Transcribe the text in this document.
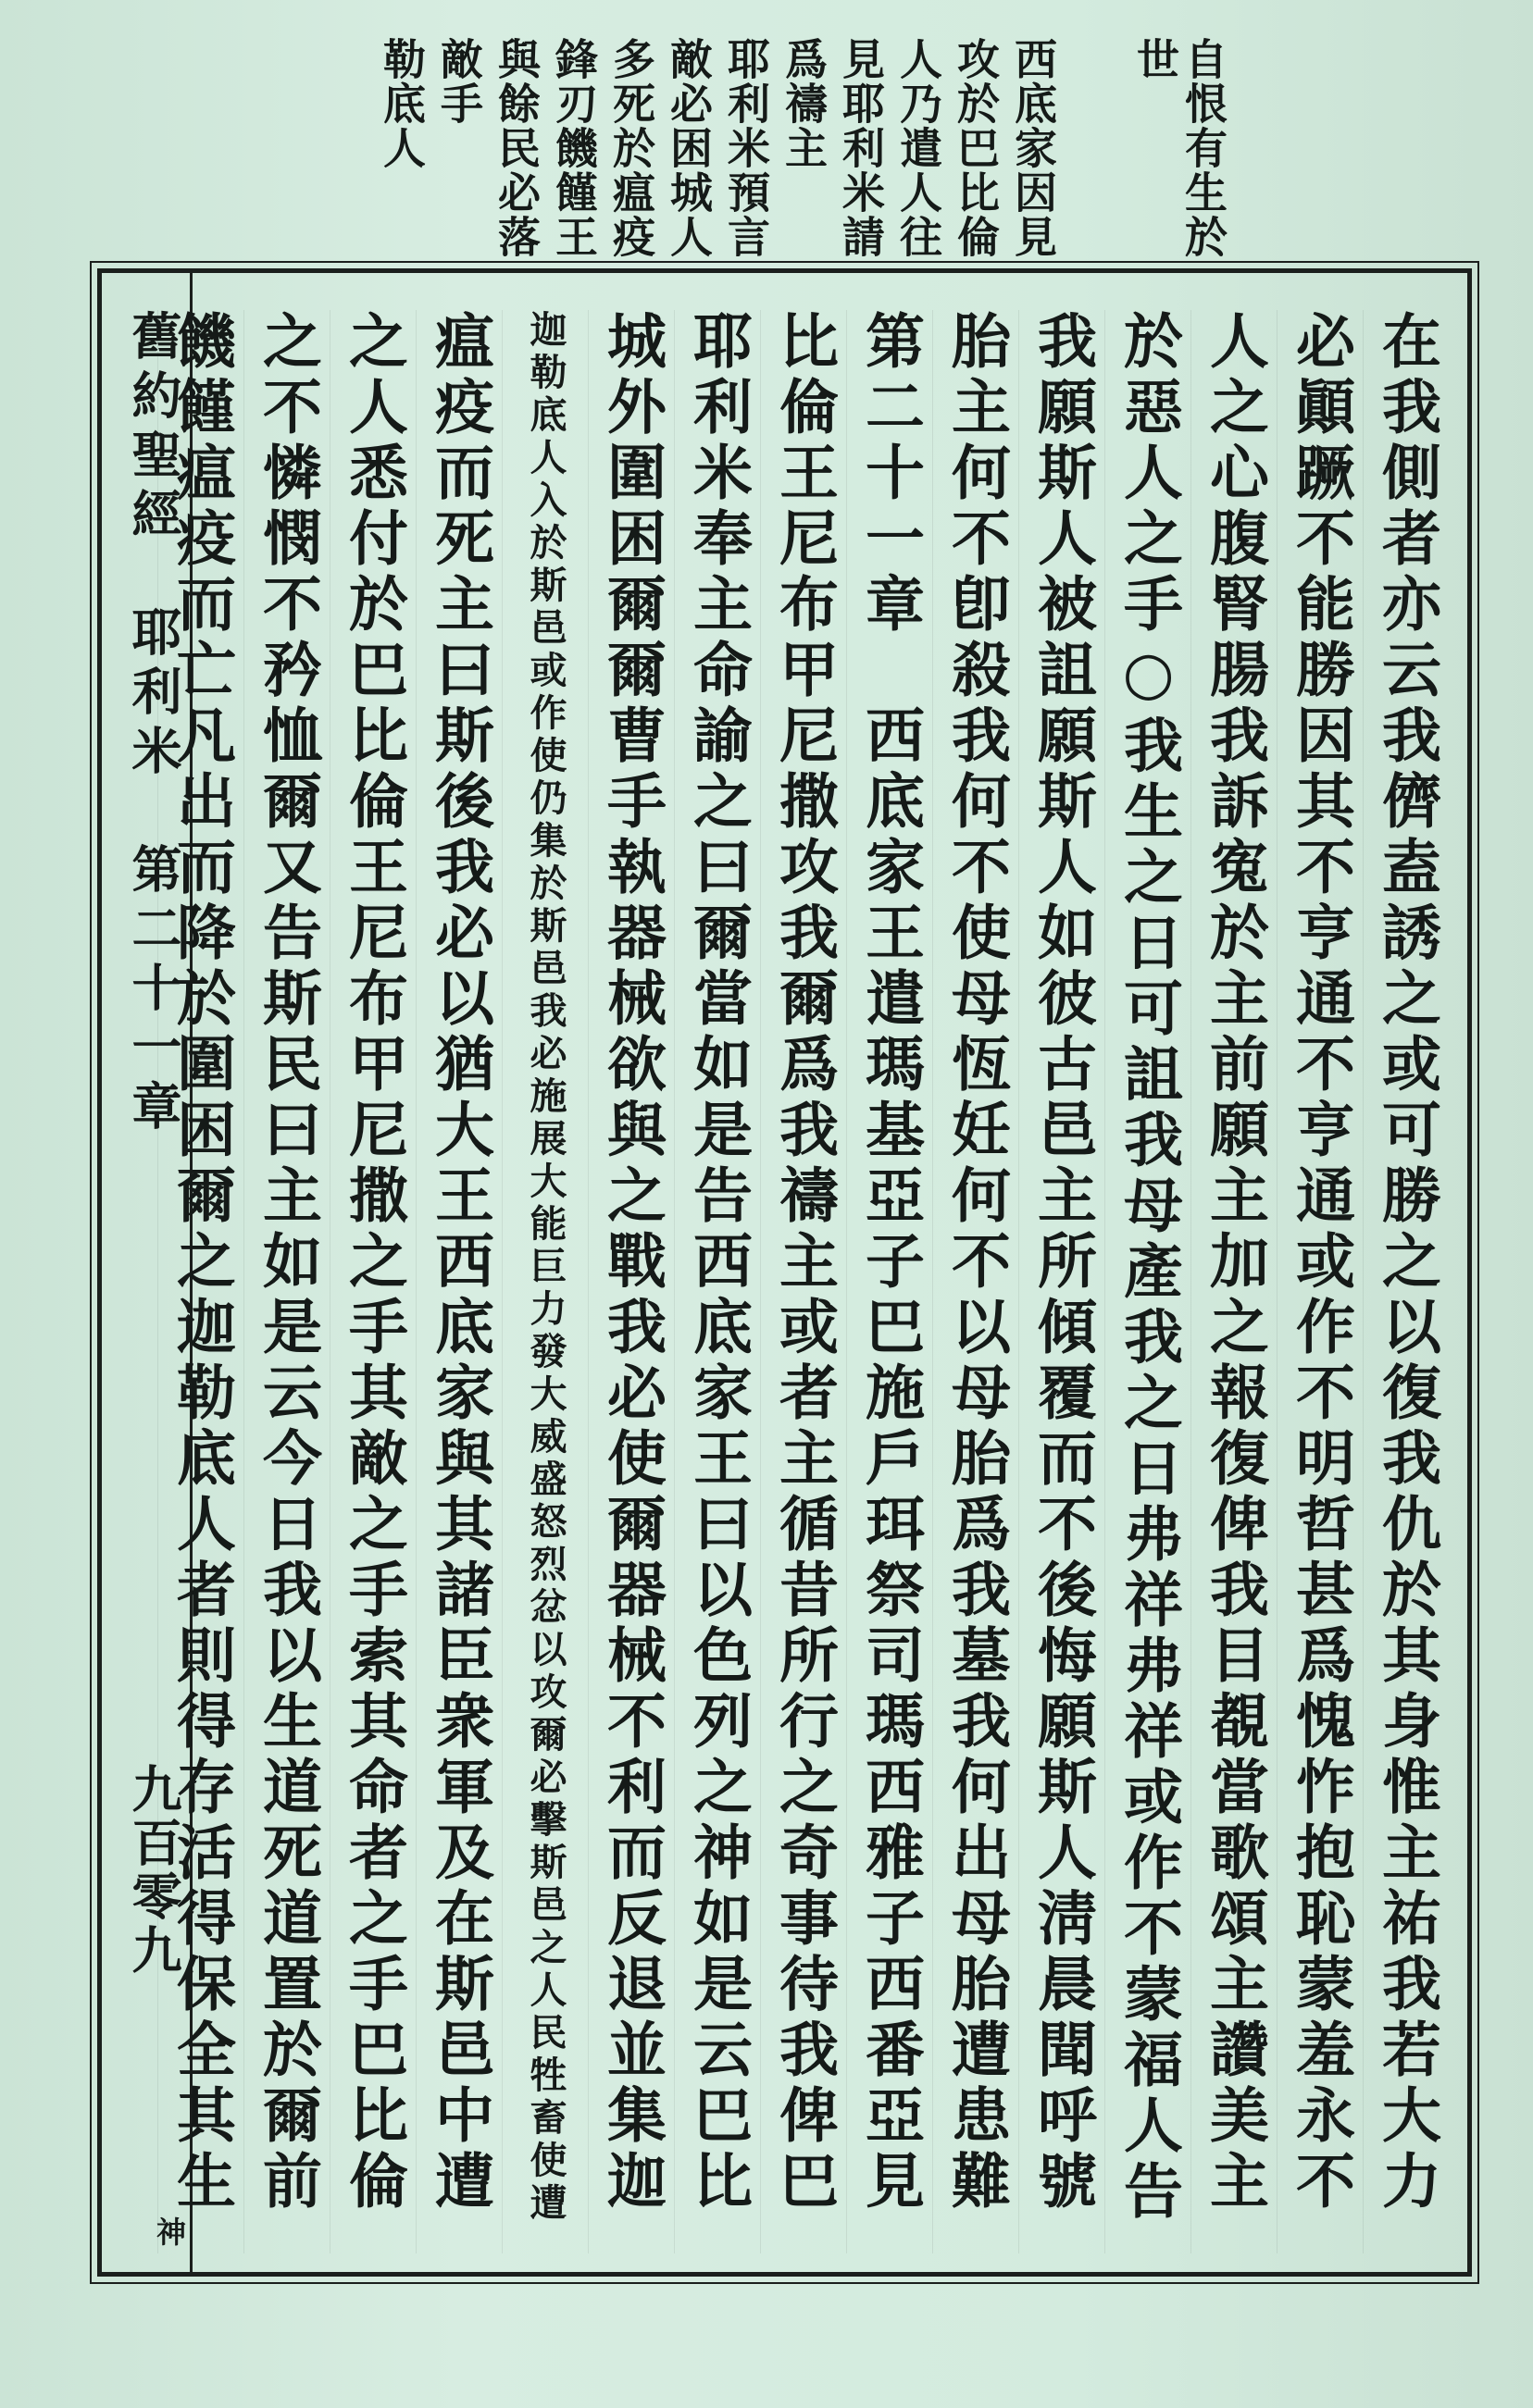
自恨有生於世
西底家因見
攻於巴比倫
人乃遣人往
見耶利米請
爲禱主
耶利米預言
敵必困城人
多死於瘟疫
鋒刃饑饉王
與餘民必落
敵手
勒底人
舊約聖經　耶利米　第二十一章
九百零九
在我側者亦云我儕盍誘之或可勝之以復我仇於其身惟主祐我若大力
必顚蹶不能勝因其不亨通不亨通或作不明哲甚爲愧怍抱恥蒙羞永不
人之心腹腎腸我訴寃於主前願主加之報復俾我目覩當歌頌主讚美主
於惡人之手○我生之日可詛我母產我之日弗祥弗祥或作不蒙福人告
我願斯人被詛願斯人如彼古邑主所傾覆而不後悔願斯人淸晨聞呼號
胎主何不卽殺我何不使母恆妊何不以母胎爲我墓我何出母胎遭患難
第二十一章　西底家王遣瑪基亞子巴施戶珥祭司瑪西雅子西番亞見
比倫王尼布甲尼撒攻我爾爲我禱主或者主循昔所行之奇事待我俾巴
耶利米奉主命諭之曰爾當如是告西底家王曰以色列之神如是云巴比
城外圍困爾爾曹手執器械欲與之戰我必使爾器械不利而反退並集迦
迦勒底人入於斯邑或作使仍集於斯邑我必施展大能巨力發大威盛怒烈忿以攻爾必擊斯邑之人民牲畜使遭
瘟疫而死主曰斯後我必以猶大王西底家與其諸臣衆軍及在斯邑中遭
之人悉付於巴比倫王尼布甲尼撒之手其敵之手索其命者之手巴比倫
之不憐憫不矜恤爾又告斯民曰主如是云今日我以生道死道置於爾前
饑饉瘟疫而亡凡出而降於圍困爾之迦勒底人者則得存活得保全其生
神
